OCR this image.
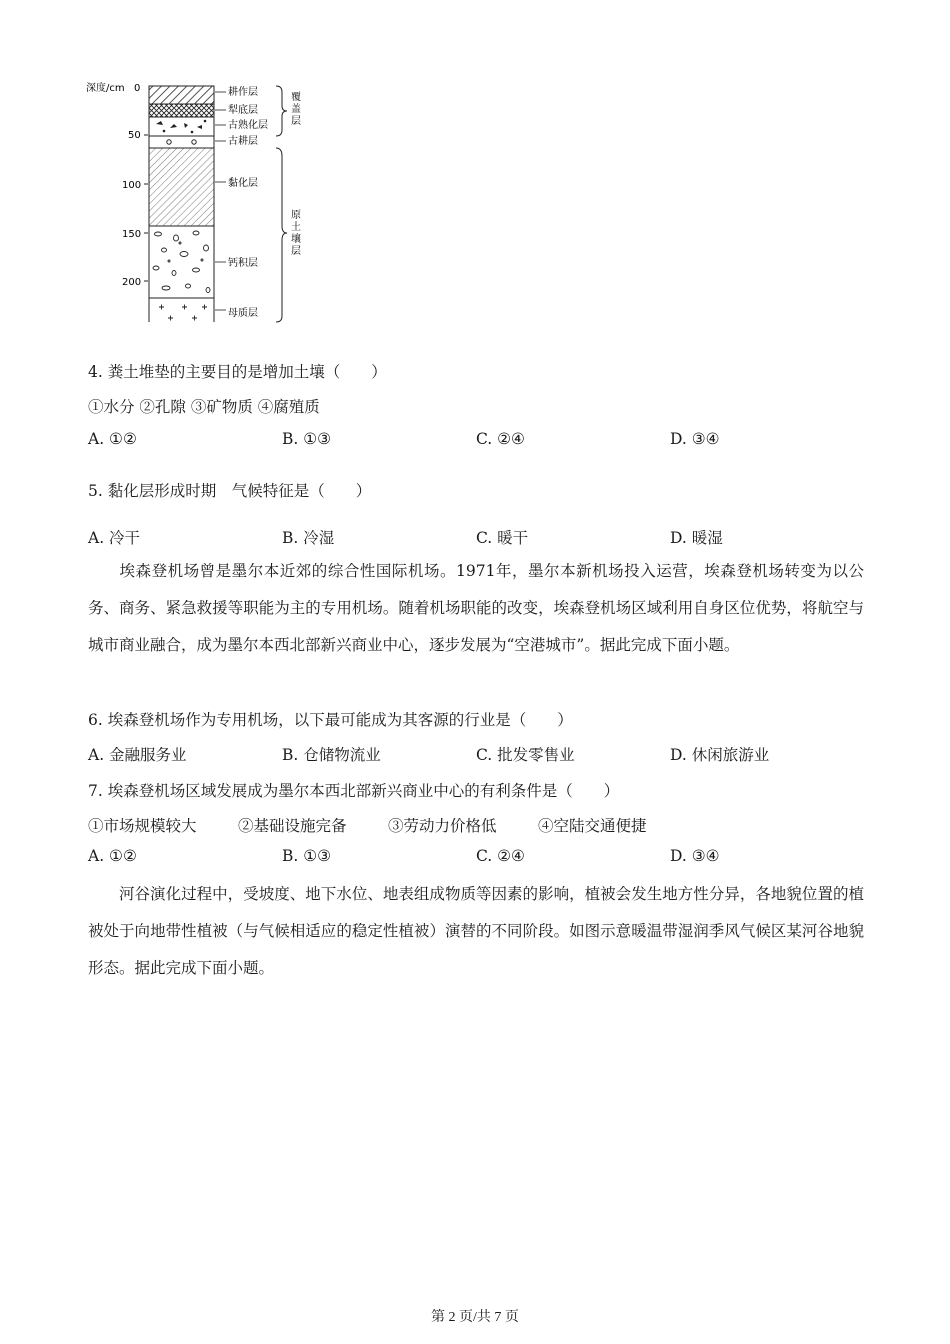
深度/cm 0
50
100
150
200
耕作层
犁底层
古熟化层
古耕层
黏化层
钙积层
母质层
覆
盖
层
原
土
壤
层
4. 粪土堆垫的主要目的是增加土壤（　　）
①水分 ②孔隙 ③矿物质 ④腐殖质
A. ①②	B. ①③	C. ②④	D. ③④
5. 黏化层形成时期　气候特征是（　　）
A. 冷干	B. 冷湿	C. 暖干	D. 暖湿
埃森登机场曾是墨尔本近郊的综合性国际机场。1971年，墨尔本新机场投入运营，埃森登机场转变为以公务、商务、紧急救援等职能为主的专用机场。随着机场职能的改变，埃森登机场区域利用自身区位优势，将航空与城市商业融合，成为墨尔本西北部新兴商业中心，逐步发展为“空港城市”。据此完成下面小题。
6. 埃森登机场作为专用机场，以下最可能成为其客源的行业是（　　）
A. 金融服务业	B. 仓储物流业	C. 批发零售业	D. 休闲旅游业
7. 埃森登机场区域发展成为墨尔本西北部新兴商业中心的有利条件是（　　）
①市场规模较大	②基础设施完备	③劳动力价格低	④空陆交通便捷
A. ①②	B. ①③	C. ②④	D. ③④
河谷演化过程中，受坡度、地下水位、地表组成物质等因素的影响，植被会发生地方性分异，各地貌位置的植被处于向地带性植被（与气候相适应的稳定性植被）演替的不同阶段。如图示意暖温带湿润季风气候区某河谷地貌形态。据此完成下面小题。
第 2 页/共 7 页
